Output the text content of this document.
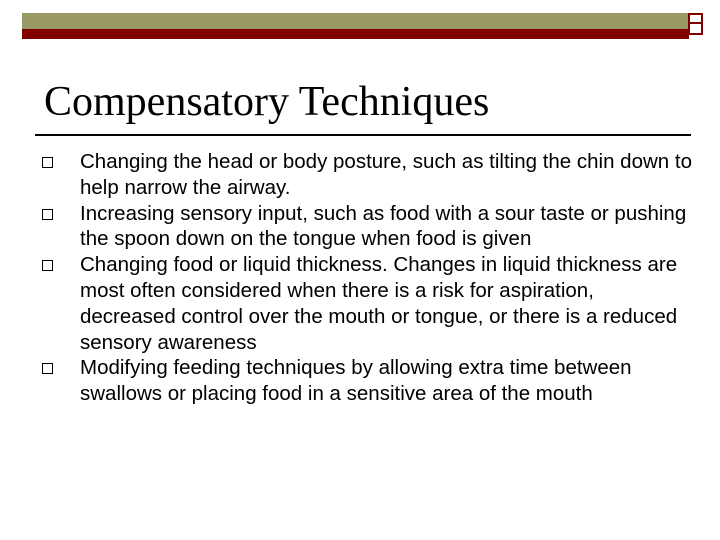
Compensatory Techniques
Changing the head or body posture, such as tilting the chin down to help narrow the airway.
Increasing sensory input, such as food with a sour taste or pushing the spoon down on the tongue when food is given
Changing food or liquid thickness. Changes in liquid thickness are most often considered when there is a risk for aspiration, decreased control over the mouth or tongue, or there is a reduced sensory awareness
Modifying feeding techniques by allowing extra time between swallows or placing food in a sensitive area of the mouth
